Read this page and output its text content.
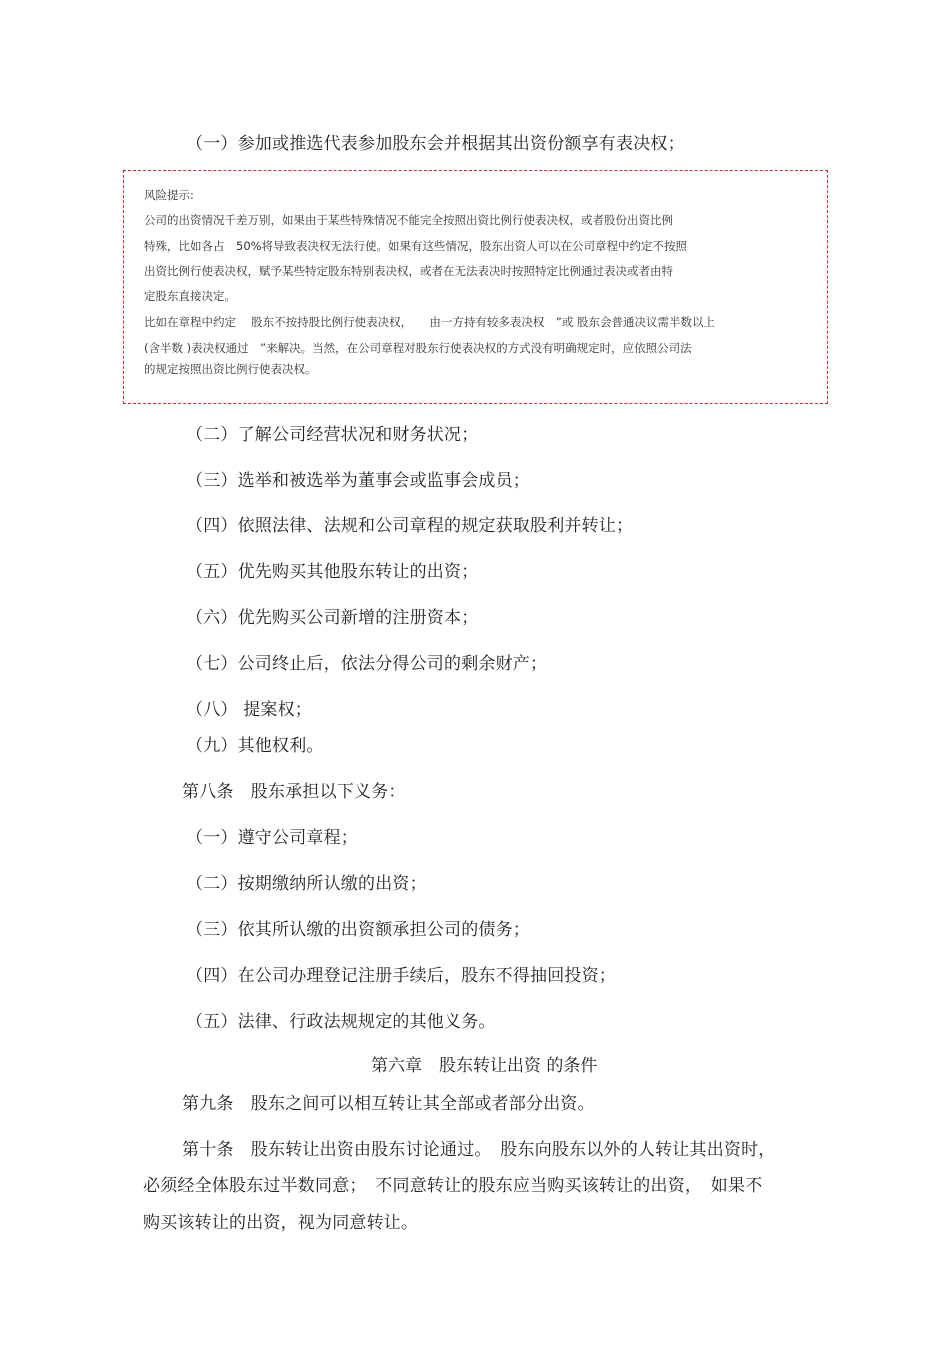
（一）参加或推选代表参加股东会并根据其出资份额享有表决权；
风险提示:
公司的出资情况千差万别，如果由于某些特殊情况不能完全按照出资比例行使表决权，或者股份出资比例
特殊，比如各占　50%将导致表决权无法行使。如果有这些情况，股东出资人可以在公司章程中约定不按照
出资比例行使表决权，赋予某些特定股东特别表决权，或者在无法表决时按照特定比例通过表决或者由特
定股东直接决定。
比如在章程中约定　 股东不按持股比例行使表决权，　　由一方持有较多表决权　”或 股东会普通决议需半数以上
(含半数 )表决权通过　”来解决。当然，在公司章程对股东行使表决权的方式没有明确规定时，应依照公司法
的规定按照出资比例行使表决权。
（二）了解公司经营状况和财务状况；
（三）选举和被选举为董事会或监事会成员；
（四）依照法律、法规和公司章程的规定获取股利并转让；
（五）优先购买其他股东转让的出资；
（六）优先购买公司新增的注册资本；
（七）公司终止后，依法分得公司的剩余财产；
（八） 提案权；
（九）其他权利。
第八条　股东承担以下义务：
（一）遵守公司章程；
（二）按期缴纳所认缴的出资；
（三）依其所认缴的出资额承担公司的债务；
（四）在公司办理登记注册手续后，股东不得抽回投资；
（五）法律、行政法规规定的其他义务。
第六章　股东转让出资 的条件
第九条　股东之间可以相互转让其全部或者部分出资。
第十条　股东转让出资由股东讨论通过。　股东向股东以外的人转让其出资时，
必须经全体股东过半数同意；　不同意转让的股东应当购买该转让的出资，　如果不
购买该转让的出资，视为同意转让。
